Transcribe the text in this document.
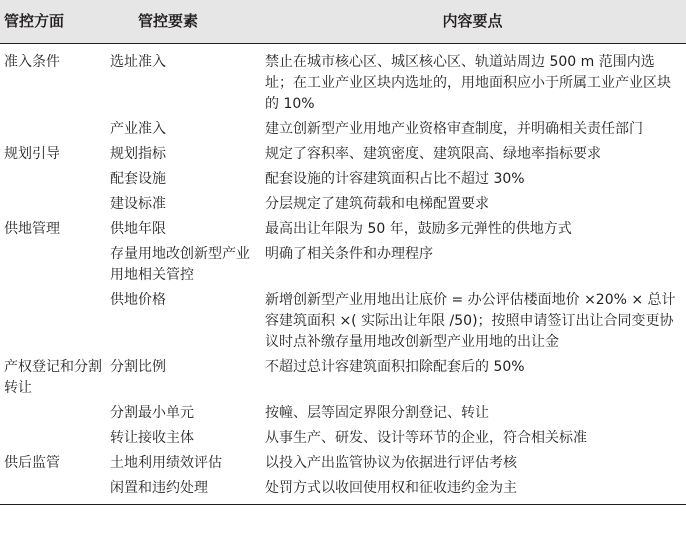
管控方面	管控要素	内容要点
准入条件	选址准入	禁止在城市核心区、城区核心区、轨道站周边 500 m 范围内选址；在工业产业区块内选址的，用地面积应小于所属工业产业区块的 10%
	产业准入	建立创新型产业用地产业资格审查制度，并明确相关责任部门
规划引导	规划指标	规定了容积率、建筑密度、建筑限高、绿地率指标要求
	配套设施	配套设施的计容建筑面积占比不超过 30%
	建设标准	分层规定了建筑荷载和电梯配置要求
供地管理	供地年限	最高出让年限为 50 年，鼓励多元弹性的供地方式
	存量用地改创新型产业用地相关管控	明确了相关条件和办理程序
	供地价格	新增创新型产业用地出让底价 = 办公评估楼面地价 ×20% × 总计容建筑面积 ×( 实际出让年限 /50)；按照申请签订出让合同变更协议时点补缴存量用地改创新型产业用地的出让金
产权登记和分割转让	分割比例	不超过总计容建筑面积扣除配套后的 50%
	分割最小单元	按幢、层等固定界限分割登记、转让
	转让接收主体	从事生产、研发、设计等环节的企业，符合相关标准
供后监管	土地利用绩效评估	以投入产出监管协议为依据进行评估考核
	闲置和违约处理	处罚方式以收回使用权和征收违约金为主
